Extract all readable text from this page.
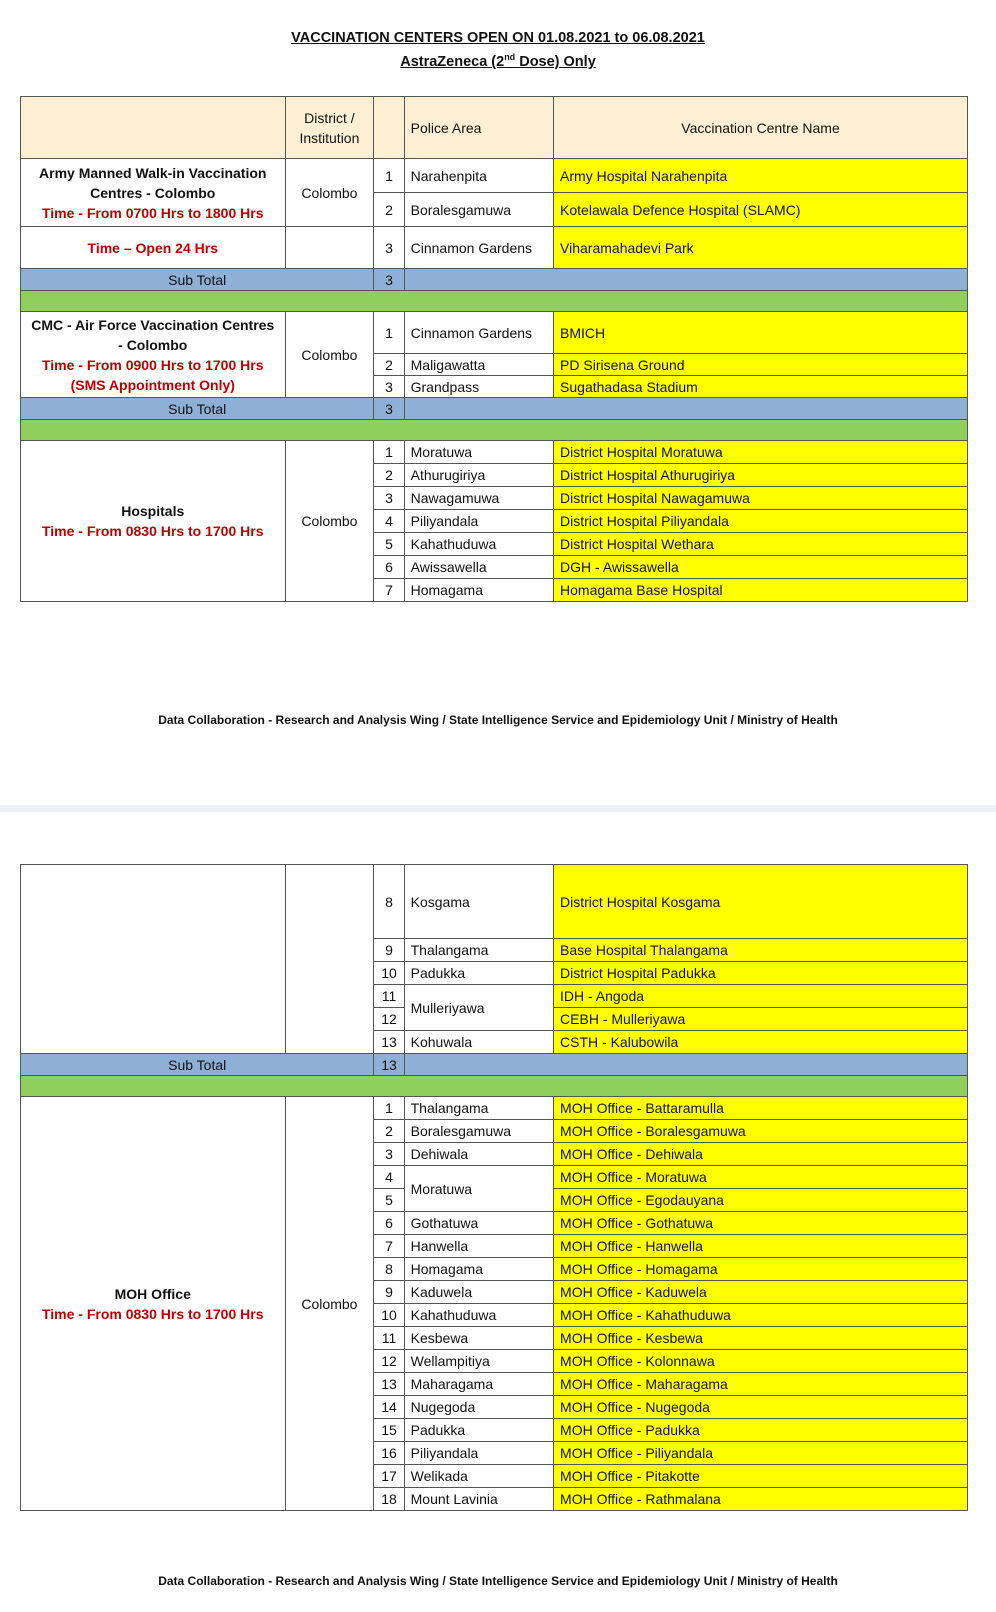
VACCINATION CENTERS OPEN ON 01.08.2021 to 06.08.2021
AstraZeneca (2nd Dose) Only
	District / Institution		Police Area	Vaccination Centre Name

Army Manned Walk-in Vaccination Centres - Colombo
Time - From 0700 Hrs to 1800 Hrs	Colombo	1	Narahenpita	Army Hospital Narahenpita
		2	Boralesgamuwa	Kotelawala Defence Hospital (SLAMC)
Time – Open 24 Hrs		3	Cinnamon Gardens	Viharamahadevi Park
Sub Total		3		

CMC - Air Force Vaccination Centres - Colombo
Time - From 0900 Hrs to 1700 Hrs
(SMS Appointment Only)	Colombo	1	Cinnamon Gardens	BMICH
		2	Maligawatta	PD Sirisena Ground
		3	Grandpass	Sugathadasa Stadium
Sub Total		3		

Hospitals
Time - From 0830 Hrs to 1700 Hrs	Colombo	1	Moratuwa	District Hospital Moratuwa
		2	Athurugiriya	District Hospital Athurugiriya
		3	Nawagamuwa	District Hospital Nawagamuwa
		4	Piliyandala	District Hospital Piliyandala
		5	Kahathuduwa	District Hospital Wethara
		6	Awissawella	DGH - Awissawella
		7	Homagama	Homagama Base Hospital
Data Collaboration - Research and Analysis Wing / State Intelligence Service and Epidemiology Unit / Ministry of Health
		8	Kosgama	District Hospital Kosgama
		9	Thalangama	Base Hospital Thalangama
		10	Padukka	District Hospital Padukka
		11	Mulleriyawa	IDH - Angoda
		12		CEBH - Mulleriyawa
		13	Kohuwala	CSTH - Kalubowila
Sub Total		13		

MOH Office
Time - From 0830 Hrs to 1700 Hrs	Colombo	1	Thalangama	MOH Office - Battaramulla
		2	Boralesgamuwa	MOH Office - Boralesgamuwa
		3	Dehiwala	MOH Office - Dehiwala
		4	Moratuwa	MOH Office - Moratuwa
		5		MOH Office - Egodauyana
		6	Gothatuwa	MOH Office - Gothatuwa
		7	Hanwella	MOH Office - Hanwella
		8	Homagama	MOH Office - Homagama
		9	Kaduwela	MOH Office - Kaduwela
		10	Kahathuduwa	MOH Office - Kahathuduwa
		11	Kesbewa	MOH Office - Kesbewa
		12	Wellampitiya	MOH Office - Kolonnawa
		13	Maharagama	MOH Office - Maharagama
		14	Nugegoda	MOH Office - Nugegoda
		15	Padukka	MOH Office - Padukka
		16	Piliyandala	MOH Office - Piliyandala
		17	Welikada	MOH Office - Pitakotte
		18	Mount Lavinia	MOH Office - Rathmalana
Data Collaboration - Research and Analysis Wing / State Intelligence Service and Epidemiology Unit / Ministry of Health
